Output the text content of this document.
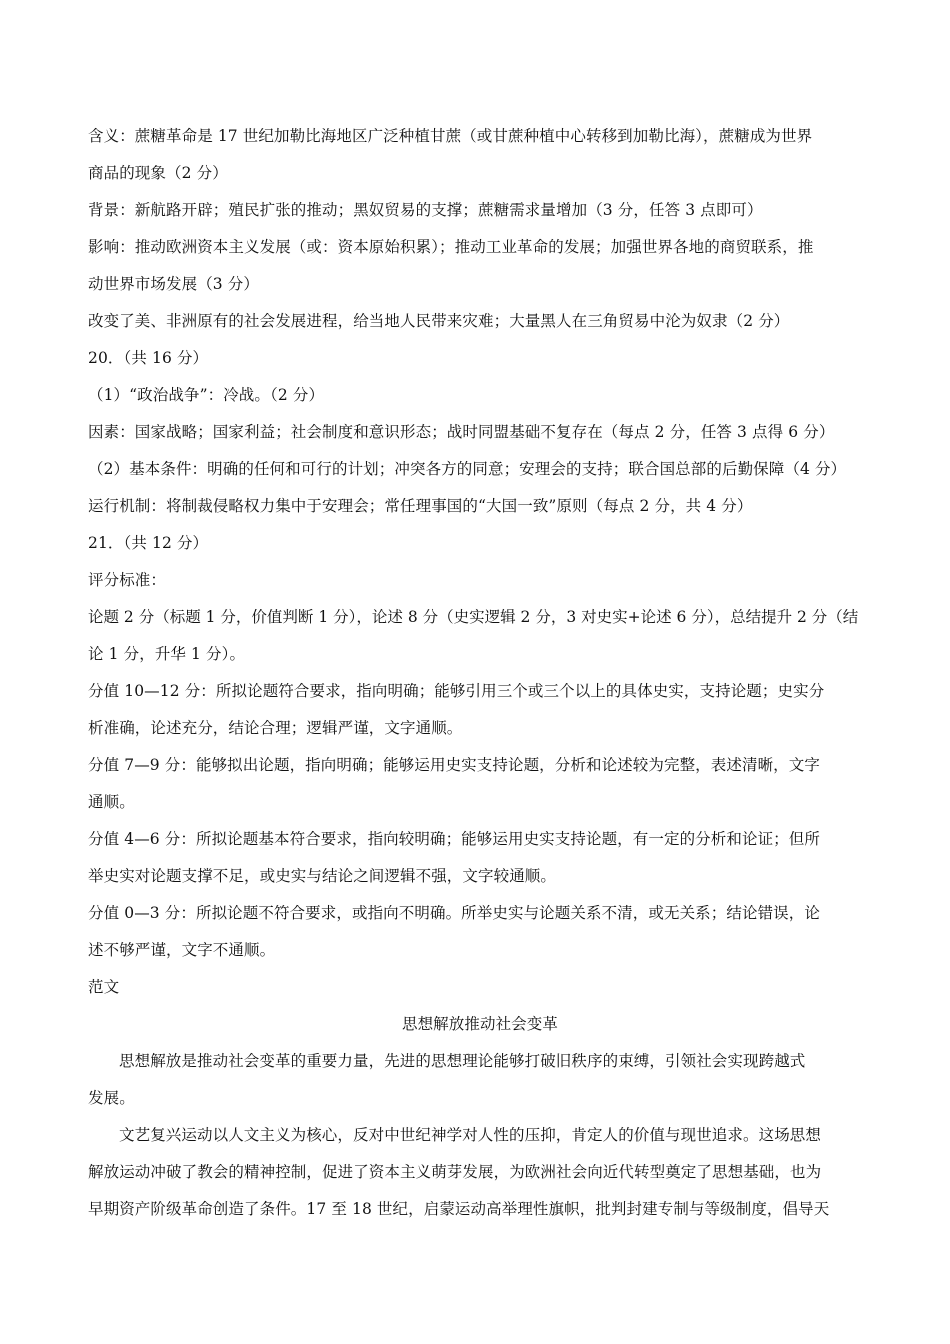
含义：蔗糖革命是 17 世纪加勒比海地区广泛种植甘蔗（或甘蔗种植中心转移到加勒比海），蔗糖成为世界
商品的现象（2 分）
背景：新航路开辟；殖民扩张的推动；黑奴贸易的支撑；蔗糖需求量增加（3 分，任答 3 点即可）
影响：推动欧洲资本主义发展（或：资本原始积累）；推动工业革命的发展；加强世界各地的商贸联系，推
动世界市场发展（3 分）
改变了美、非洲原有的社会发展进程，给当地人民带来灾难；大量黑人在三角贸易中沦为奴隶（2 分）
20．（共 16 分）
（1）“政治战争”：冷战。（2 分）
因素：国家战略；国家利益；社会制度和意识形态；战时同盟基础不复存在（每点 2 分，任答 3 点得 6 分）
（2）基本条件：明确的任何和可行的计划；冲突各方的同意；安理会的支持；联合国总部的后勤保障（4 分）
运行机制：将制裁侵略权力集中于安理会；常任理事国的“大国一致”原则（每点 2 分，共 4 分）
21．（共 12 分）
评分标准：
论题 2 分（标题 1 分，价值判断 1 分），论述 8 分（史实逻辑 2 分，3 对史实+论述 6 分），总结提升 2 分（结
论 1 分，升华 1 分）。
分值 10—12 分：所拟论题符合要求，指向明确；能够引用三个或三个以上的具体史实，支持论题；史实分
析准确，论述充分，结论合理；逻辑严谨，文字通顺。
分值 7—9 分：能够拟出论题，指向明确；能够运用史实支持论题，分析和论述较为完整，表述清晰，文字
通顺。
分值 4—6 分：所拟论题基本符合要求，指向较明确；能够运用史实支持论题，有一定的分析和论证；但所
举史实对论题支撑不足，或史实与结论之间逻辑不强，文字较通顺。
分值 0—3 分：所拟论题不符合要求，或指向不明确。所举史实与论题关系不清，或无关系；结论错误，论
述不够严谨，文字不通顺。
范文
思想解放推动社会变革
思想解放是推动社会变革的重要力量，先进的思想理论能够打破旧秩序的束缚，引领社会实现跨越式
发展。
文艺复兴运动以人文主义为核心，反对中世纪神学对人性的压抑，肯定人的价值与现世追求。这场思想
解放运动冲破了教会的精神控制，促进了资本主义萌芽发展，为欧洲社会向近代转型奠定了思想基础，也为
早期资产阶级革命创造了条件。17 至 18 世纪，启蒙运动高举理性旗帜，批判封建专制与等级制度，倡导天
